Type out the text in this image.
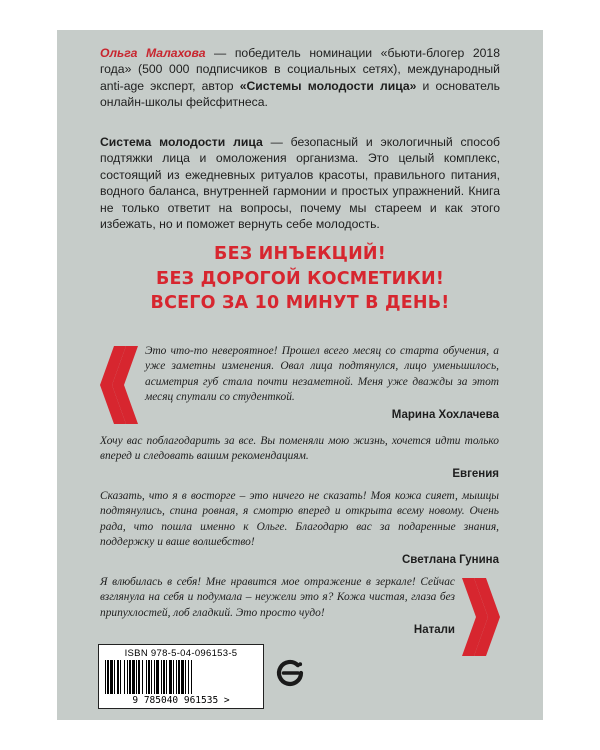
Ольга Малахова — победитель номинации «бьюти-блогер 2018 года» (500 000 подписчиков в социальных сетях), международный anti-age эксперт, автор «Системы молодости лица» и основатель онлайн-школы фейсфитнеса.

Система молодости лица — безопасный и экологичный способ подтяжки лица и омоложения организма. Это целый комплекс, состоящий из ежедневных ритуалов красоты, правильного питания, водного баланса, внутренней гармонии и простых упражнений. Книга не только ответит на вопросы, почему мы стареем и как этого избежать, но и поможет вернуть себе молодость.

БЕЗ ИНЪЕКЦИЙ!
БЕЗ ДОРОГОЙ КОСМЕТИКИ!
ВСЕГО ЗА 10 МИНУТ В ДЕНЬ!

Это что-то невероятное! Прошел всего месяц со старта обучения, а уже заметны изменения. Овал лица подтянулся, лицо уменьшилось, асиметрия губ стала почти незаметной. Меня уже дважды за этот месяц спутали со студенткой.

Марина Хохлачева

Хочу вас поблагодарить за все. Вы поменяли мою жизнь, хочется идти только вперед и следовать вашим рекомендациям.

Евгения

Сказать, что я в восторге – это ничего не сказать! Моя кожа сияет, мышцы подтянулись, спина ровная, я смотрю вперед и открыта всему новому. Очень рада, что пошла именно к Ольге. Благодарю вас за подаренные знания, поддержку и ваше волшебство!

Светлана Гунина

Я влюбилась в себя! Мне нравится мое отражение в зеркале! Сейчас взглянула на себя и подумала – неужели это я? Кожа чистая, глаза без припухлостей, лоб гладкий. Это просто чудо!

Натали
ISBN 978-5-04-096153-5
9 785040 961535 >
